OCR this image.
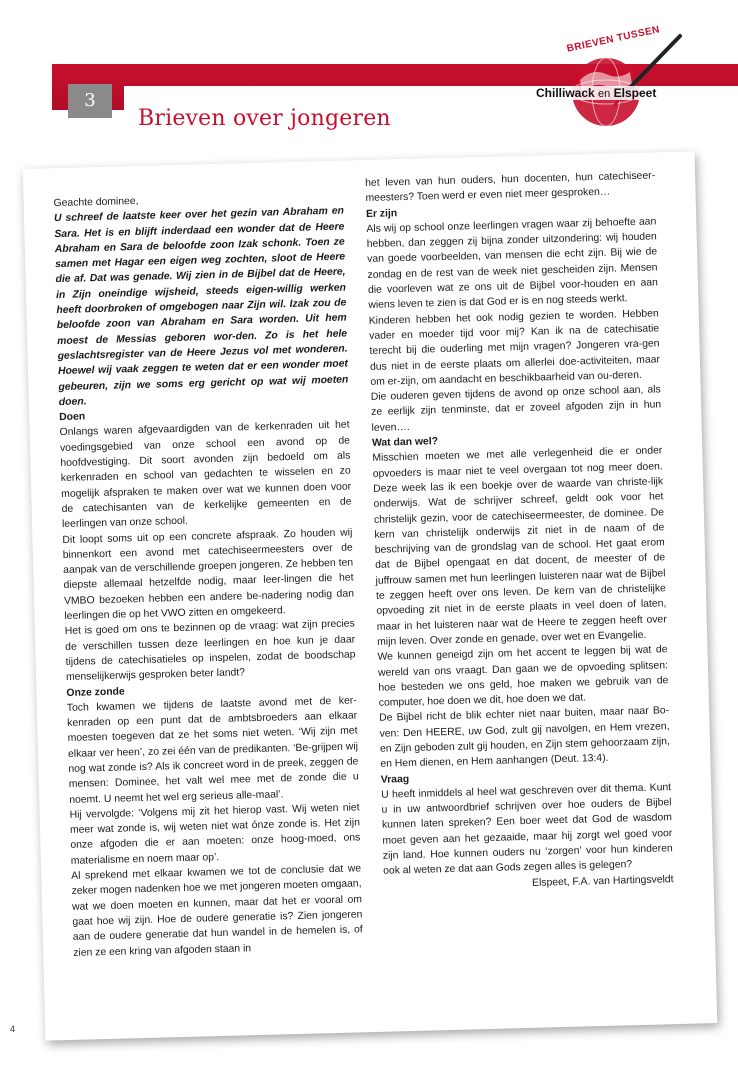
3
Brieven over jongeren
BRIEVEN TUSSEN
Chilliwack en Elspeet

Geachte dominee,

U schreef de laatste keer over het gezin van Abraham en Sara. Het is en blijft inderdaad een wonder dat de Heere Abraham en Sara de beloofde zoon Izak schonk. Toen ze samen met Hagar een eigen weg zochten, sloot de Heere die af. Dat was genade. Wij zien in de Bijbel dat de Heere, in Zijn oneindige wijsheid, steeds eigen-willig werken heeft doorbroken of omgebogen naar Zijn wil. Izak zou de beloofde zoon van Abraham en Sara worden. Uit hem moest de Messias geboren wor-den. Zo is het hele geslachtsregister van de Heere Jezus vol met wonderen. Hoewel wij vaak zeggen te weten dat er een wonder moet gebeuren, zijn we soms erg gericht op wat wij moeten doen.

Doen

Onlangs waren afgevaardigden van de kerkenraden uit het voedingsgebied van onze school een avond op de hoofdvestiging. Dit soort avonden zijn bedoeld om als kerkenraden en school van gedachten te wisselen en zo mogelijk afspraken te maken over wat we kunnen doen voor de catechisanten van de kerkelijke gemeenten en de leerlingen van onze school.

Dit loopt soms uit op een concrete afspraak. Zo houden wij binnenkort een avond met catechiseermeesters over de aanpak van de verschillende groepen jongeren. Ze hebben ten diepste allemaal hetzelfde nodig, maar leer-lingen die het VMBO bezoeken hebben een andere be-nadering nodig dan leerlingen die op het VWO zitten en omgekeerd.

Het is goed om ons te bezinnen op de vraag: wat zijn precies de verschillen tussen deze leerlingen en hoe kun je daar tijdens de catechisatieles op inspelen, zodat de boodschap menselijkerwijs gesproken beter landt?

Onze zonde

Toch kwamen we tijdens de laatste avond met de ker-kenraden op een punt dat de ambtsbroeders aan elkaar moesten toegeven dat ze het soms niet weten. ‘Wij zijn met elkaar ver heen’, zo zei één van de predikanten. ‘Be-grijpen wij nog wat zonde is? Als ik concreet word in de preek, zeggen de mensen: Dominee, het valt wel mee met de zonde die u noemt. U neemt het wel erg serieus alle-maal’.

Hij vervolgde: ‘Volgens mij zit het hierop vast. Wij weten niet meer wat zonde is, wij weten niet wat ónze zonde is. Het zijn onze afgoden die er aan moeten: onze hoog-moed, ons materialisme en noem maar op’.

Al sprekend met elkaar kwamen we tot de conclusie dat we zeker mogen nadenken hoe we met jongeren moeten omgaan, wat we doen moeten en kunnen, maar dat het er vooral om gaat hoe wij zijn. Hoe de oudere generatie is? Zien jongeren aan de oudere generatie dat hun wandel in de hemelen is, of zien ze een kring van afgoden staan in

het leven van hun ouders, hun docenten, hun catechiseer-meesters? Toen werd er even niet meer gesproken…

Er zijn

Als wij op school onze leerlingen vragen waar zij behoefte aan hebben, dan zeggen zij bijna zonder uitzondering: wij houden van goede voorbeelden, van mensen die echt zijn. Bij wie de zondag en de rest van de week niet gescheiden zijn. Mensen die voorleven wat ze ons uit de Bijbel voor-houden en aan wiens leven te zien is dat God er is en nog steeds werkt.

Kinderen hebben het ook nodig gezien te worden. Hebben vader en moeder tijd voor mij? Kan ik na de catechisatie terecht bij die ouderling met mijn vragen? Jongeren vra-gen dus niet in de eerste plaats om allerlei doe-activiteiten, maar om er-zijn, om aandacht en beschikbaarheid van ou-deren.

Die ouderen geven tijdens de avond op onze school aan, als ze eerlijk zijn tenminste, dat er zoveel afgoden zijn in hun leven….

Wat dan wel?

Misschien moeten we met alle verlegenheid die er onder opvoeders is maar niet te veel overgaan tot nog meer doen. Deze week las ik een boekje over de waarde van christe-lijk onderwijs. Wat de schrijver schreef, geldt ook voor het christelijk gezin, voor de catechiseermeester, de dominee. De kern van christelijk onderwijs zit niet in de naam of de beschrijving van de grondslag van de school. Het gaat erom dat de Bijbel opengaat en dat docent, de meester of de juffrouw samen met hun leerlingen luisteren naar wat de Bijbel te zeggen heeft over ons leven. De kern van de christelijke opvoeding zit niet in de eerste plaats in veel doen of laten, maar in het luisteren naar wat de Heere te zeggen heeft over mijn leven. Over zonde en genade, over wet en Evangelie.

We kunnen geneigd zijn om het accent te leggen bij wat de wereld van ons vraagt. Dan gaan we de opvoeding splitsen: hoe besteden we ons geld, hoe maken we gebruik van de computer, hoe doen we dit, hoe doen we dat.

De Bijbel richt de blik echter niet naar buiten, maar naar Bo-ven: Den HEERE, uw God, zult gij navolgen, en Hem vrezen, en Zijn geboden zult gij houden, en Zijn stem gehoorzaam zijn, en Hem dienen, en Hem aanhangen (Deut. 13:4).

Vraag

U heeft inmiddels al heel wat geschreven over dit thema. Kunt u in uw antwoordbrief schrijven over hoe ouders de Bijbel kunnen laten spreken? Een boer weet dat God de wasdom moet geven aan het gezaaide, maar hij zorgt wel goed voor zijn land. Hoe kunnen ouders nu ‘zorgen’ voor hun kinderen ook al weten ze dat aan Gods zegen alles is gelegen?

Elspeet, F.A. van Hartingsveldt

4
